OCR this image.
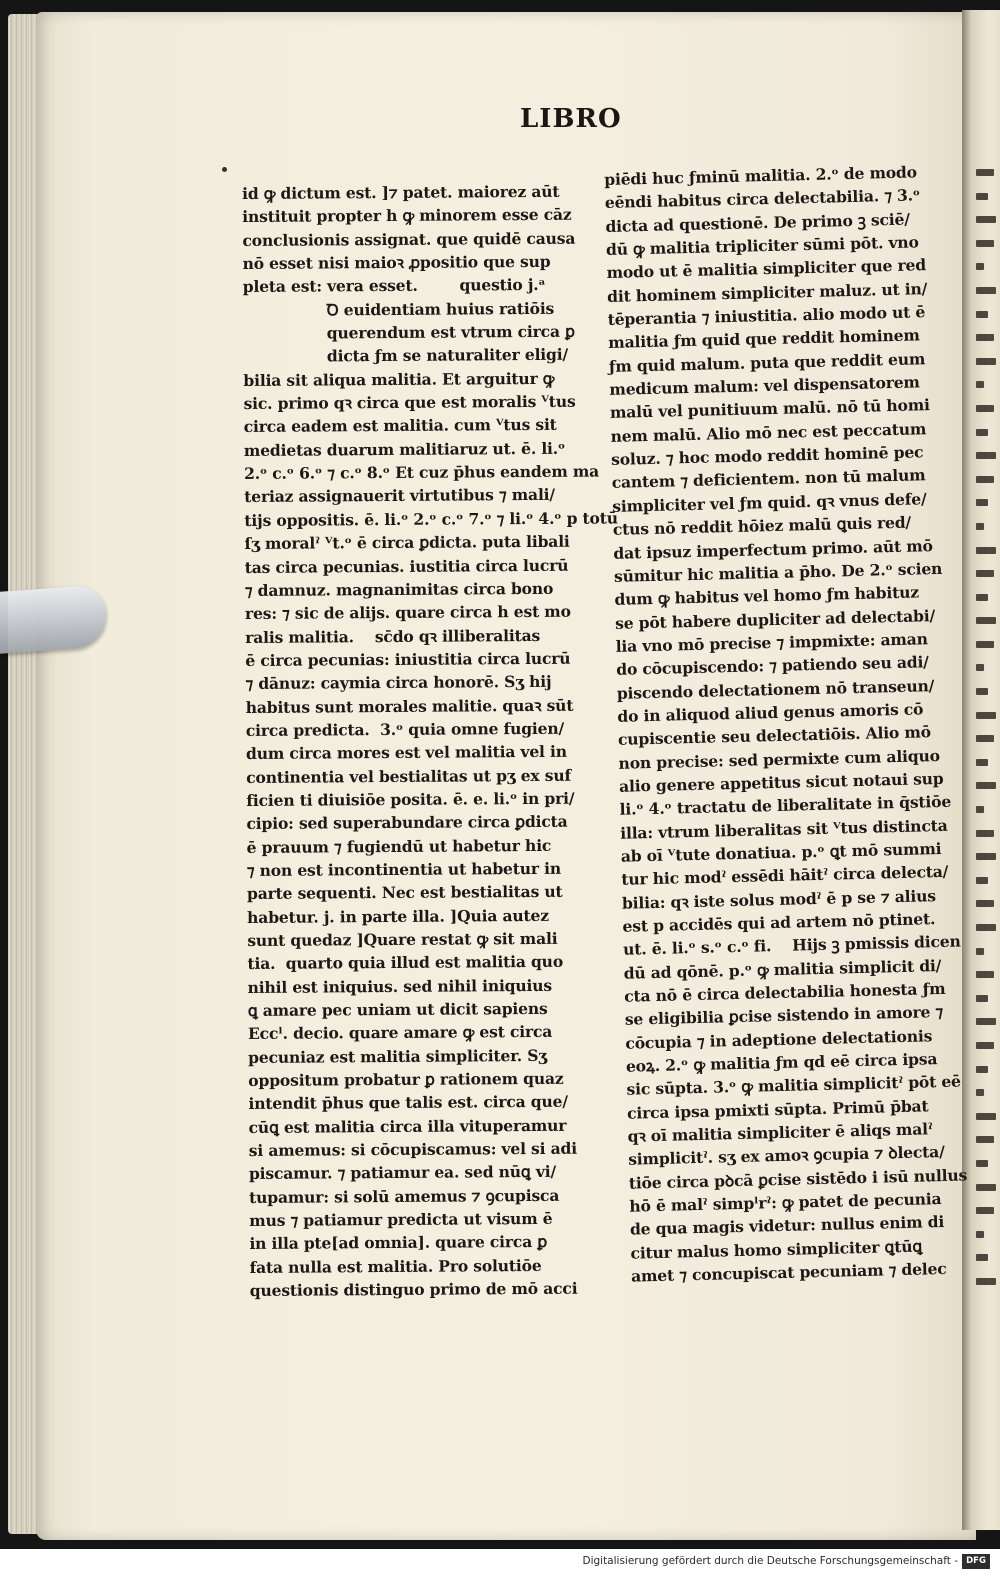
LIBRO
id ꝙ dictum est. ]⁊ patet. maiorez aūt
instituit propter h ꝙ minorem esse cāz
conclusionis assignat. que quidē causa
nō esset nisi maioꝛ ꝓpositio que sup
pleta est: vera esset.        questio j.ᵃ
Ꝺ euidentiam huius ratiōis
querendum est vtrum circa ꝑ
dicta ƒm se naturaliter eligi/
bilia sit aliqua malitia. Et arguitur ꝙ
sic. primo qꝛ circa que est moralis ⱽtus
circa eadem est malitia. cum ⱽtus sit
medietas duarum malitiaruz ut. ē. li.ᵒ
2.ᵒ c.ᵒ 6.ᵒ ⁊ c.ᵒ 8.ᵒ Et cuz p̄hus eandem ma
teriaz assignauerit virtutibus ⁊ mali/
tijs oppositis. ē. li.ᵒ 2.ᵒ c.ᵒ 7.ᵒ ⁊ li.ᵒ 4.ᵒ p totū
ſʒ moralˀ ⱽt.ᵒ ē circa ꝑdicta. puta libali
tas circa pecunias. iustitia circa lucrū
⁊ damnuz. magnanimitas circa bono
res: ⁊ sic de alijs. quare circa h est mo
ralis malitia.    sc̄do qꝛ illiberalitas
ē circa pecunias: iniustitia circa lucrū
⁊ dānuz: caymia circa honorē. Sʒ hij
habitus sunt morales malitie. quaꝛ sūt
circa predicta.  3.ᵒ quia omne fugien/
dum circa mores est vel malitia vel in
continentia vel bestialitas ut pʒ ex suf
ficien ti diuisiōe posita. ē. e. li.ᵒ in pri/
cipio: sed superabundare circa ꝑdicta
ē prauum ⁊ fugiendū ut habetur hic
⁊ non est incontinentia ut habetur in
parte sequenti. Nec est bestialitas ut
habetur. j. in parte illa. ]Quia autez
sunt quedaz ]Quare restat ꝙ sit mali
tia.  quarto quia illud est malitia quo
nihil est iniquius. sed nihil iniquius
ꝗ amare pec uniam ut dicit sapiens
Eccˡ. decio. quare amare ꝙ est circa
pecuniaz est malitia simpliciter. Sʒ
oppositum probatur ꝑ rationem quaz
intendit p̄hus que talis est. circa que/
cūꝗ est malitia circa illa vituperamur
si amemus: si cōcupiscamus: vel si adi
piscamur. ⁊ patiamur ea. sed nūꝗ vi/
tupamur: si solū amemus ⁊ ꝯcupisca
mus ⁊ patiamur predicta ut visum ē
in illa pte[ad omnia]. quare circa ꝑ
fata nulla est malitia. Pro solutiōe
questionis distinguo primo de mō acci
piēdi huc ƒminū malitia. 2.ᵒ de modo
eēndi habitus circa delectabilia. ⁊ 3.ᵒ
dicta ad questionē. De primo ꝫ sciē/
dū ꝙ malitia tripliciter sūmi pōt. vno
modo ut ē malitia simpliciter que red
dit hominem simpliciter maluz. ut in/
tēperantia ⁊ iniustitia. alio modo ut ē
malitia ƒm quid que reddit hominem
ƒm quid malum. puta que reddit eum
medicum malum: vel dispensatorem
malū vel punitiuum malū. nō tū homi
nem malū. Alio mō nec est peccatum
soluz. ⁊ hoc modo reddit hominē pec
cantem ⁊ deficientem. non tū malum
simpliciter vel ƒm quid. qꝛ vnus defe/
ctus nō reddit hōiez malū ꝗuis red/
dat ipsuz imperfectum primo. aūt mō
sūmitur hic malitia a p̄ho. De 2.ᵒ scien
dum ꝙ habitus vel homo ƒm habituz
se pōt habere dupliciter ad delectabi/
lia vno mō precise ⁊ impmixte: aman
do cōcupiscendo: ⁊ patiendo seu adi/
piscendo delectationem nō transeun/
do in aliquod aliud genus amoris cō
cupiscentie seu delectatiōis. Alio mō
non precise: sed permixte cum aliquo
alio genere appetitus sicut notaui sup
li.ᵒ 4.ᵒ tractatu de liberalitate in q̄stiōe
illa: vtrum liberalitas sit ⱽtus distincta
ab oī ⱽtute donatiua. p.ᵒ ꝗt mō summi
tur hic modˀ essēdi hāitˀ circa delecta/
bilia: qꝛ iste solus modˀ ē p se ⁊ alius
est p accidēs qui ad artem nō ptinet.
ut. ē. li.ᵒ s.ᵒ c.ᵒ fi.    Hijs ꝫ pmissis dicen
dū ad qōnē. p.ᵒ ꝙ malitia simplicit di/
cta nō ē circa delectabilia honesta ƒm
se eligibilia ꝑcise sistendo in amore ⁊
cōcupia ⁊ in adeptione delectationis
eoꝝ. 2.ᵒ ꝙ malitia ƒm qd eē circa ipsa
sic sūpta. 3.ᵒ ꝙ malitia simplicitˀ pōt eē
circa ipsa pmixti sūpta. Primū p̄bat
qꝛ oī malitia simpliciter ē aliqs malˀ
simplicitˀ. sʒ ex amoꝛ ꝯcupia ⁊ ꝺlecta/
tiōe circa pꝺcā ꝑcise sistēdo i isū nullus
hō ē malˀ simpˡrˀ: ꝙ patet de pecunia
de qua magis videtur: nullus enim di
citur malus homo simpliciter ꝗtūꝗ
amet ⁊ concupiscat pecuniam ⁊ delec
Digitalisierung gefördert durch die Deutsche Forschungsgemeinschaft - DFG
